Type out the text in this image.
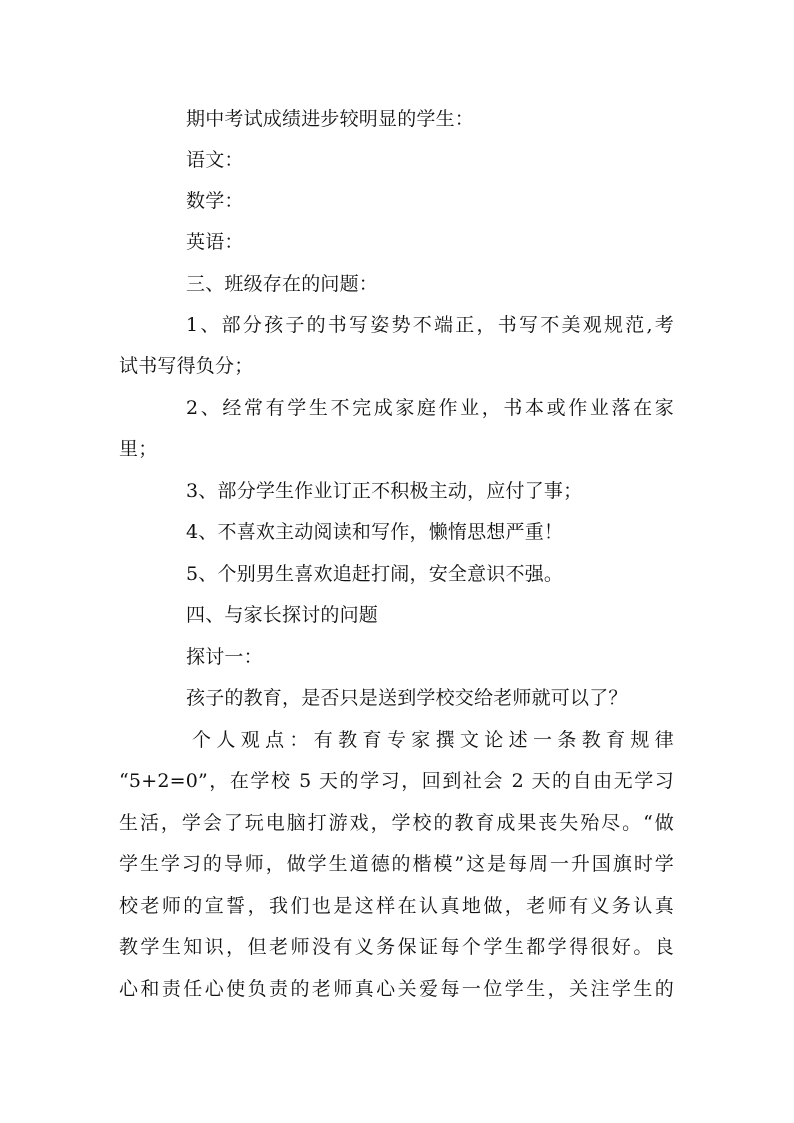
期中考试成绩进步较明显的学生：
语文：
数学：
英语：
三、班级存在的问题：
1、部分孩子的书写姿势不端正，书写不美观规范,考
试书写得负分；
2、经常有学生不完成家庭作业，书本或作业落在家
里；
3、部分学生作业订正不积极主动，应付了事；
4、不喜欢主动阅读和写作，懒惰思想严重！
5、个别男生喜欢追赶打闹，安全意识不强。
四、与家长探讨的问题
探讨一：
孩子的教育，是否只是送到学校交给老师就可以了？
个人观点：有教育专家撰文论述一条教育规律
“5+2=0”，在学校 5 天的学习，回到社会 2 天的自由无学习
生活，学会了玩电脑打游戏，学校的教育成果丧失殆尽。“做
学生学习的导师，做学生道德的楷模”这是每周一升国旗时学
校老师的宣誓，我们也是这样在认真地做，老师有义务认真
教学生知识，但老师没有义务保证每个学生都学得很好。良
心和责任心使负责的老师真心关爱每一位学生，关注学生的
